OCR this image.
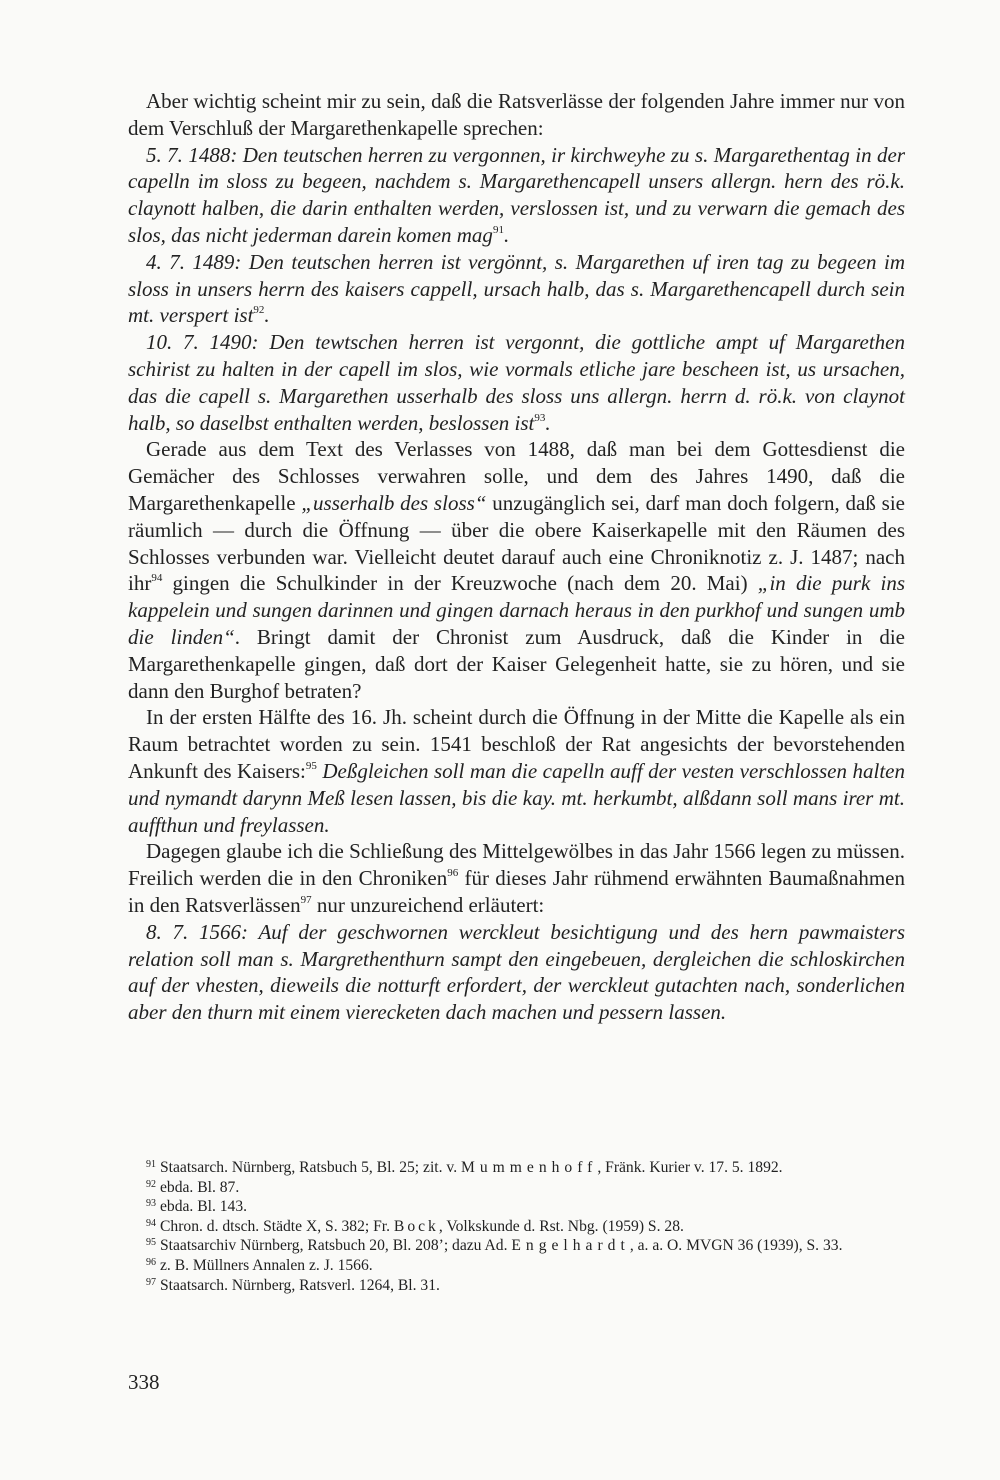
Aber wichtig scheint mir zu sein, daß die Ratsverlässe der folgenden Jahre immer nur von dem Verschluß der Margarethenkapelle sprechen:

5. 7. 1488: Den teutschen herren zu vergonnen, ir kirchweyhe zu s. Margarethentag in der capelln im sloss zu begeen, nachdem s. Margarethencapell unsers allergn. hern des rö.k. claynott halben, die darin enthalten werden, verslossen ist, und zu verwarn die gemach des slos, das nicht jederman darein komen mag$^{91}$.

4. 7. 1489: Den teutschen herren ist vergönnt, s. Margarethen uf iren tag zu begeen im sloss in unsers herrn des kaisers cappell, ursach halb, das s. Margarethencapell durch sein mt. verspert ist$^{92}$.

10. 7. 1490: Den tewtschen herren ist vergonnt, die gottliche ampt uf Margarethen schirist zu halten in der capell im slos, wie vormals etliche jare bescheen ist, us ursachen, das die capell s. Margarethen usserhalb des sloss uns allergn. herrn d. rö.k. von claynot halb, so daselbst enthalten werden, beslossen ist$^{93}$.

Gerade aus dem Text des Verlasses von 1488, daß man bei dem Gottesdienst die Gemächer des Schlosses verwahren solle, und dem des Jahres 1490, daß die Margarethenkapelle „usserhalb des sloss“ unzugänglich sei, darf man doch folgern, daß sie räumlich — durch die Öffnung — über die obere Kaiserkapelle mit den Räumen des Schlosses verbunden war. Vielleicht deutet darauf auch eine Chroniknotiz z. J. 1487; nach ihr$^{94}$ gingen die Schulkinder in der Kreuzwoche (nach dem 20. Mai) „in die purk ins kappelein und sungen darinnen und gingen darnach heraus in den purkhof und sungen umb die linden“. Bringt damit der Chronist zum Ausdruck, daß die Kinder in die Margarethenkapelle gingen, daß dort der Kaiser Gelegenheit hatte, sie zu hören, und sie dann den Burghof betraten?

In der ersten Hälfte des 16. Jh. scheint durch die Öffnung in der Mitte die Kapelle als ein Raum betrachtet worden zu sein. 1541 beschloß der Rat angesichts der bevorstehenden Ankunft des Kaisers:$^{95}$ Deßgleichen soll man die capelln auff der vesten verschlossen halten und nymandt darynn Meß lesen lassen, bis die kay. mt. herkumbt, alßdann soll mans irer mt. auffthun und freylassen.

Dagegen glaube ich die Schließung des Mittelgewölbes in das Jahr 1566 legen zu müssen. Freilich werden die in den Chroniken$^{96}$ für dieses Jahr rühmend erwähnten Baumaßnahmen in den Ratsverlässen$^{97}$ nur unzureichend erläutert:

8. 7. 1566: Auf der geschwornen werckleut besichtigung und des hern pawmaisters relation soll man s. Margrethenthurn sampt den eingebeuen, dergleichen die schloskirchen auf der vhesten, dieweils die notturft erfordert, der werckleut gutachten nach, sonderlichen aber den thurn mit einem vierecketen dach machen und pessern lassen.

$^{91}$ Staatsarch. Nürnberg, Ratsbuch 5, Bl. 25; zit. v. Mummenhoff, Fränk. Kurier v. 17. 5. 1892.

$^{92}$ ebda. Bl. 87.

$^{93}$ ebda. Bl. 143.

$^{94}$ Chron. d. dtsch. Städte X, S. 382; Fr. Bock, Volkskunde d. Rst. Nbg. (1959) S. 28.

$^{95}$ Staatsarchiv Nürnberg, Ratsbuch 20, Bl. 208’; dazu Ad. Engelhardt, a. a. O. MVGN 36 (1939), S. 33.

$^{96}$ z. B. Müllners Annalen z. J. 1566.

$^{97}$ Staatsarch. Nürnberg, Ratsverl. 1264, Bl. 31.

338
